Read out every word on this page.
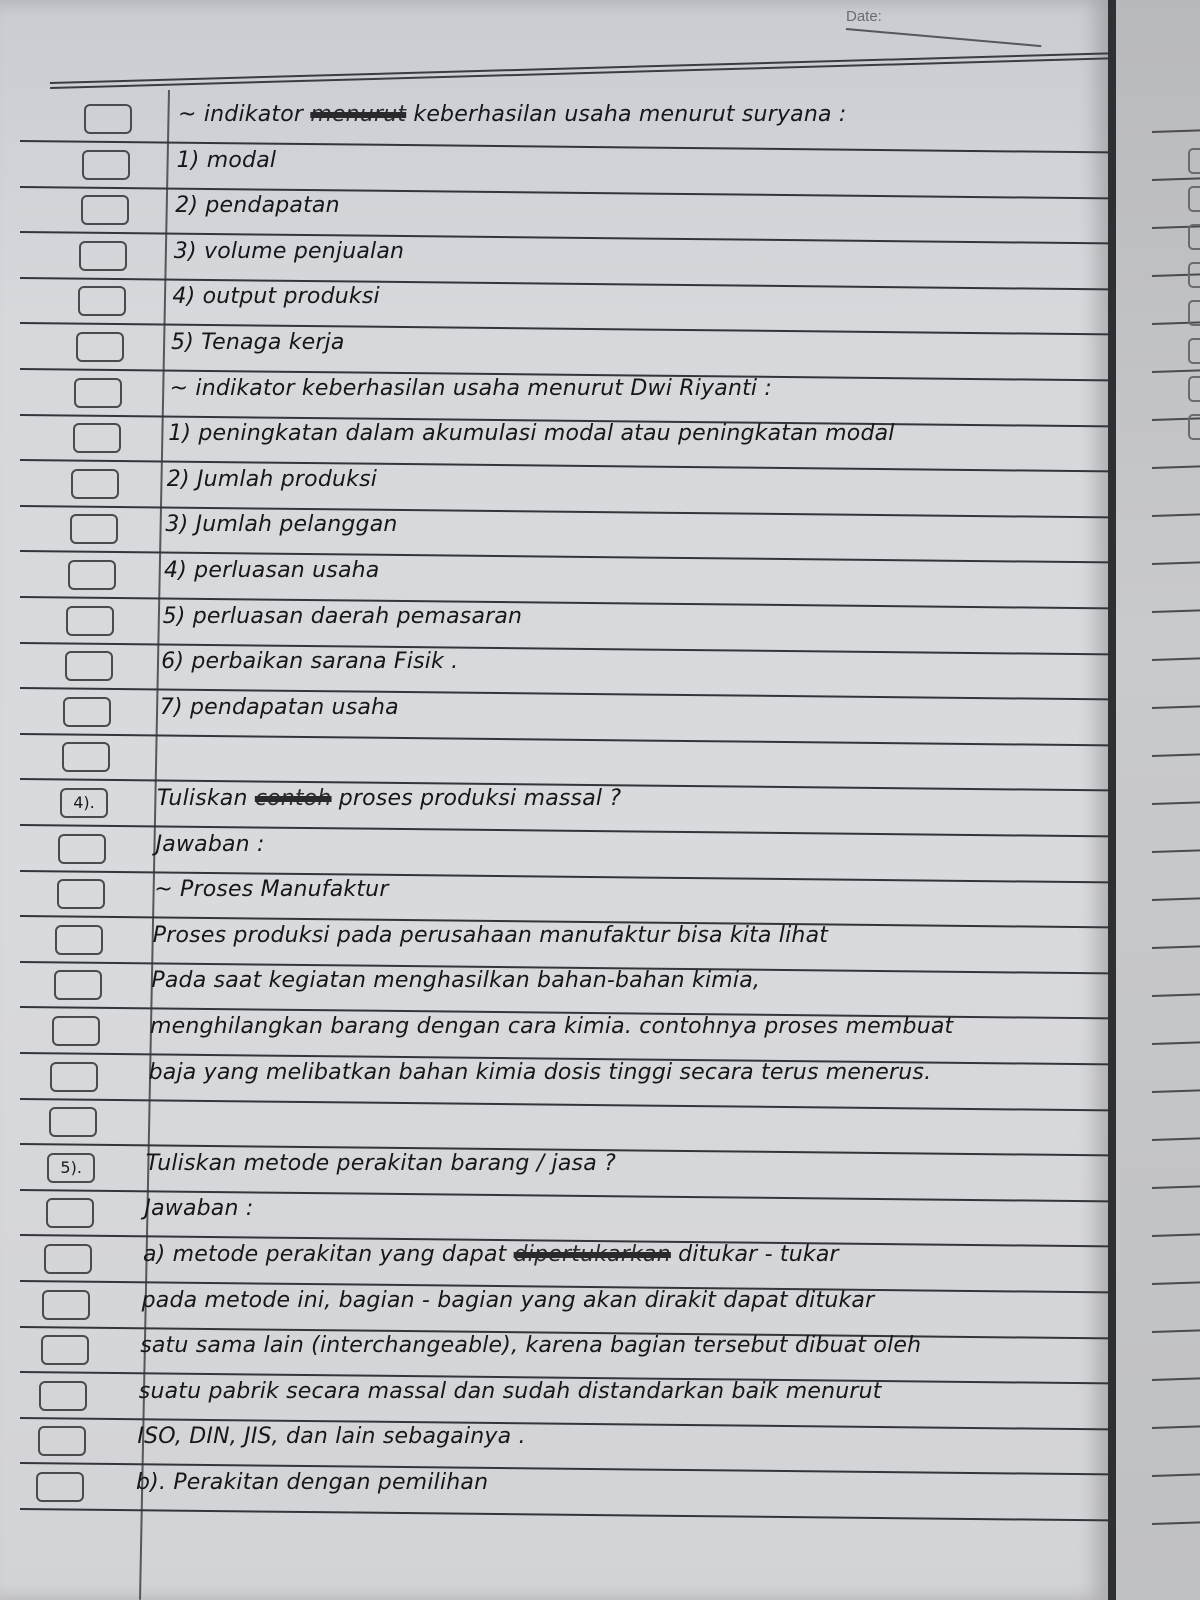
Date:
~ indikator menurut keberhasilan usaha menurut suryana :
1) modal
2) pendapatan
3) volume penjualan
4) output produksi
5) Tenaga kerja
~ indikator keberhasilan usaha menurut Dwi Riyanti :
1) peningkatan dalam akumulasi modal atau peningkatan modal
2) Jumlah produksi
3) Jumlah pelanggan
4) perluasan usaha
5) perluasan daerah pemasaran
6) perbaikan sarana Fisik .
7) pendapatan usaha
4).	Tuliskan contoh proses produksi massal ?
Jawaban :
~ Proses Manufaktur
Proses produksi pada perusahaan manufaktur bisa kita lihat
Pada saat kegiatan menghasilkan bahan-bahan kimia,
menghilangkan barang dengan cara kimia. contohnya proses membuat
baja yang melibatkan bahan kimia dosis tinggi secara terus menerus.
5).	Tuliskan metode perakitan barang / jasa ?
Jawaban :
a) metode perakitan yang dapat dipertukarkan ditukar - tukar
pada metode ini, bagian - bagian yang akan dirakit dapat ditukar
satu sama lain (interchangeable), karena bagian tersebut dibuat oleh
suatu pabrik secara massal dan sudah distandarkan baik menurut
ISO, DIN, JIS, dan lain sebagainya .
b). Perakitan dengan pemilihan
